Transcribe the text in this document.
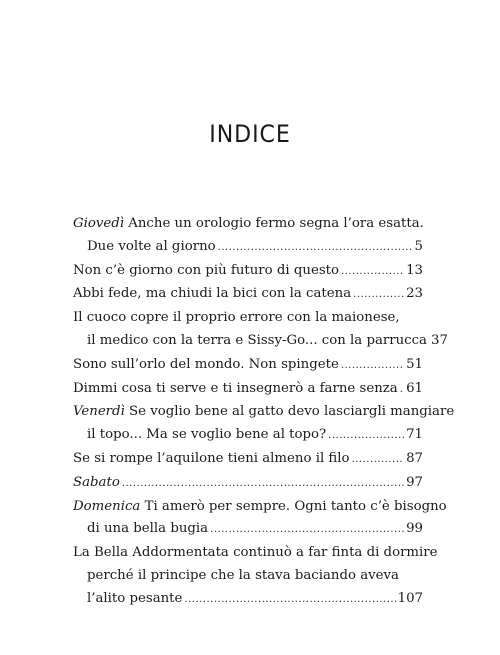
INDICE
Giovedì
Anche un orologio fermo segna l’ora esatta.
Due volte al giorno .....	5
Non c’è giorno con più futuro di questo .....	13
Abbi fede, ma chiudi la bici con la catena .....	23
Il cuoco copre il proprio errore con la maionese,
il medico con la terra e Sissy-Go... con la parrucca 37
Sono sull’orlo del mondo. Non spingete .....	51
Dimmi cosa ti serve e ti insegnerò a farne senza ..... 61
Venerdì
Se voglio bene al gatto devo lasciargli mangiare
il topo... Ma se voglio bene al topo? .....	71
Se si rompe l’aquilone tieni almeno il filo .....	87
Sabato .....	97
Domenica
Ti amerò per sempre. Ogni tanto c’è bisogno
di una bella bugia .....	99
La Bella Addormentata continuò a far finta di dormire
perché il principe che la stava baciando aveva
l’alito pesante .....	107
